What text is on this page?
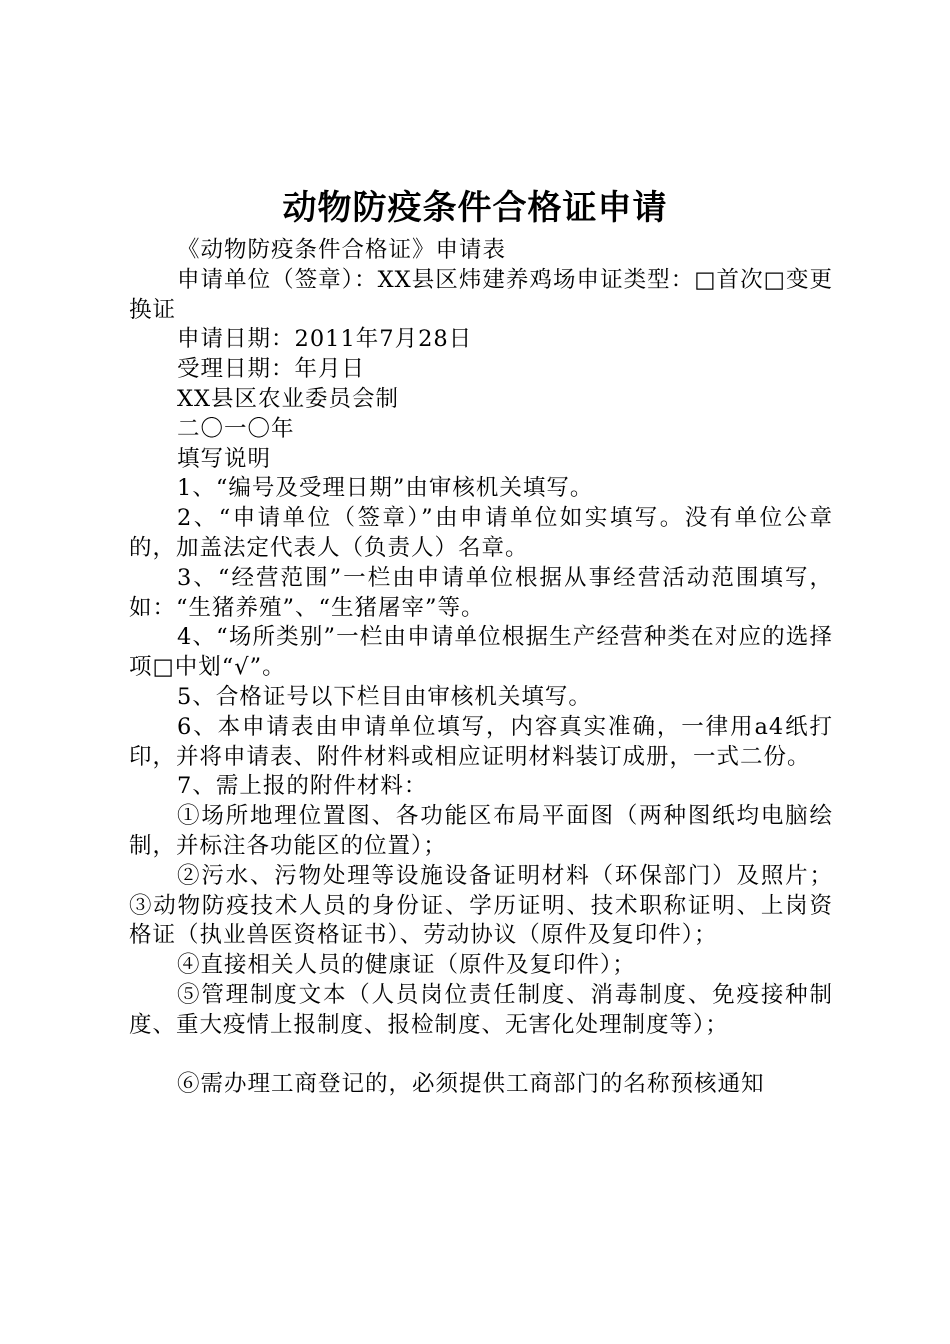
动物防疫条件合格证申请

《动物防疫条件合格证》申请表

申请单位（签章）：XX县区炜建养鸡场申证类型：□首次□变更换证

申请日期：2011年7月28日

受理日期：年月日

XX县区农业委员会制

二〇一〇年

填写说明

1、“编号及受理日期”由审核机关填写。

2、“申请单位（签章）”由申请单位如实填写。没有单位公章的，加盖法定代表人（负责人）名章。

3、“经营范围”一栏由申请单位根据从事经营活动范围填写，如：“生猪养殖”、“生猪屠宰”等。

4、“场所类别”一栏由申请单位根据生产经营种类在对应的选择项□中划“√”。

5、合格证号以下栏目由审核机关填写。

6、本申请表由申请单位填写，内容真实准确，一律用a4纸打印，并将申请表、附件材料或相应证明材料装订成册，一式二份。

7、需上报的附件材料：

①场所地理位置图、各功能区布局平面图（两种图纸均电脑绘制，并标注各功能区的位置）；

②污水、污物处理等设施设备证明材料（环保部门）及照片；③动物防疫技术人员的身份证、学历证明、技术职称证明、上岗资格证（执业兽医资格证书）、劳动协议（原件及复印件）；

④直接相关人员的健康证（原件及复印件）；

⑤管理制度文本（人员岗位责任制度、消毒制度、免疫接种制度、重大疫情上报制度、报检制度、无害化处理制度等）；

⑥需办理工商登记的，必须提供工商部门的名称预核通知
